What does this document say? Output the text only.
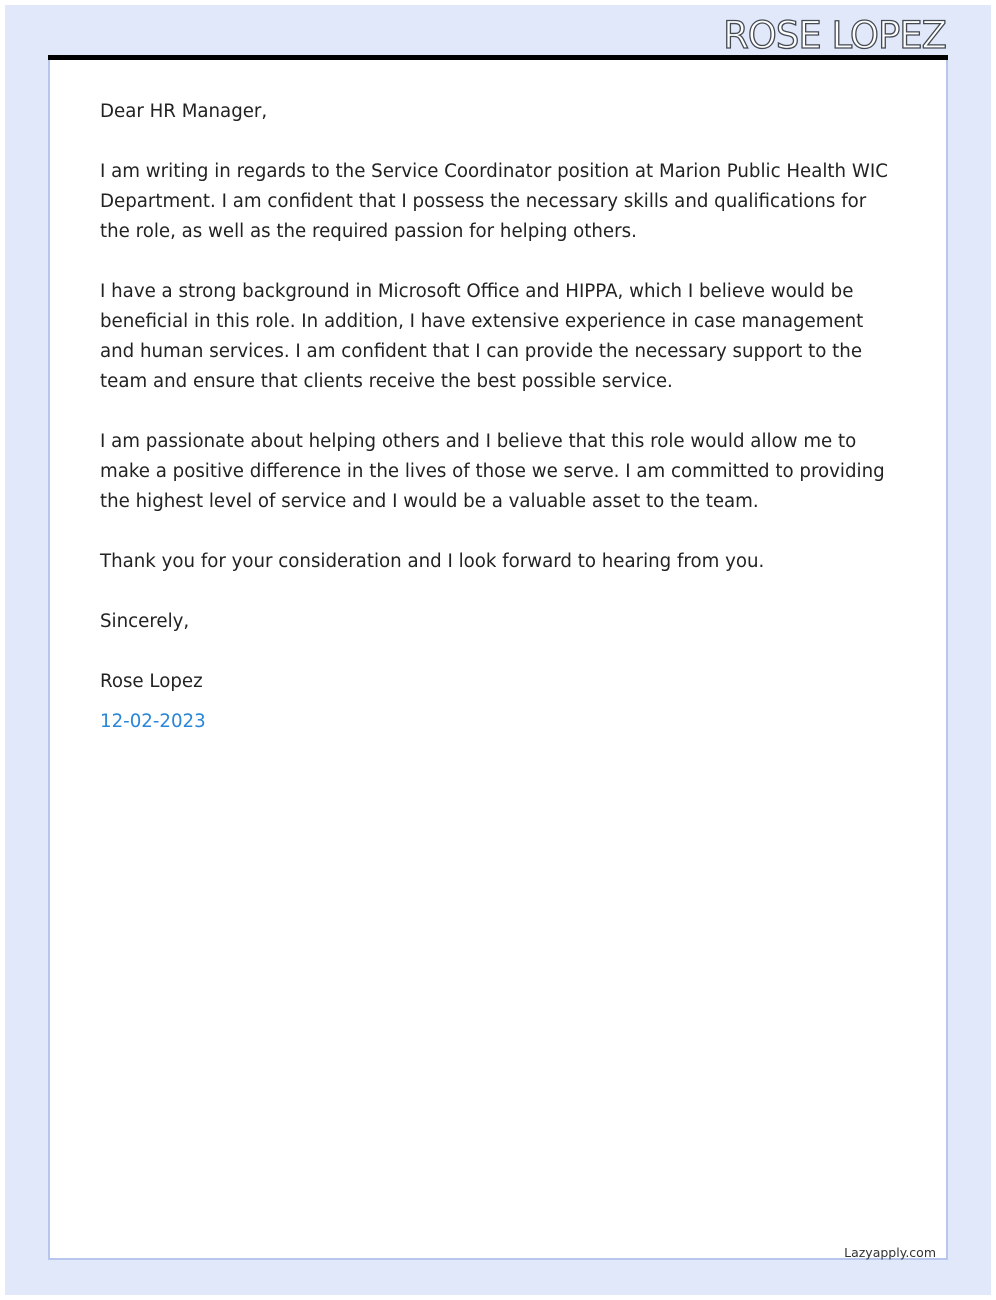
ROSE LOPEZ

Dear HR Manager,

I am writing in regards to the Service Coordinator position at Marion Public Health WIC Department. I am confident that I possess the necessary skills and qualifications for the role, as well as the required passion for helping others.

I have a strong background in Microsoft Office and HIPPA, which I believe would be beneficial in this role. In addition, I have extensive experience in case management and human services. I am confident that I can provide the necessary support to the team and ensure that clients receive the best possible service.

I am passionate about helping others and I believe that this role would allow me to make a positive difference in the lives of those we serve. I am committed to providing the highest level of service and I would be a valuable asset to the team.

Thank you for your consideration and I look forward to hearing from you.

Sincerely,

Rose Lopez

12-02-2023

Lazyapply.com
